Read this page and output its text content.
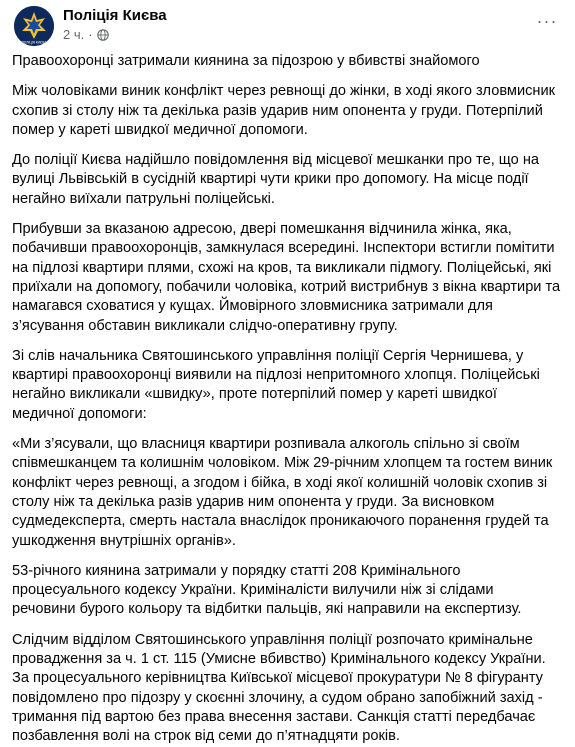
ПОЛІЦІЯ КИЄВА
Поліція Києва
2 ч. ·
···

Правоохоронці затримали киянина за підозрою у вбивстві знайомого

Між чоловіками виник конфлікт через ревнощі до жінки, в ході якого зловмисник схопив зі столу ніж та декілька разів ударив ним опонента у груди. Потерпілий помер у кареті швидкої медичної допомоги.

До поліції Києва надійшло повідомлення від місцевої мешканки про те, що на вулиці Львівській в сусідній квартирі чути крики про допомогу. На місце події негайно виїхали патрульні поліцейські.

Прибувши за вказаною адресою, двері помешкання відчинила жінка, яка, побачивши правоохоронців, замкнулася всередині. Інспектори встигли помітити на підлозі квартири плями, схожі на кров, та викликали підмогу. Поліцейські, які приїхали на допомогу, побачили чоловіка, котрий вистрибнув з вікна квартири та намагався сховатися у кущах. Ймовірного зловмисника затримали для з’ясування обставин викликали слідчо-оперативну групу.

Зі слів начальника Святошинського управління поліції Сергія Чернишева, у квартирі правоохоронці виявили на підлозі непритомного хлопця. Поліцейські негайно викликали «швидку», проте потерпілий помер у кареті швидкої медичної допомоги:

«Ми з’ясували, що власниця квартири розпивала алкоголь спільно зі своїм співмешканцем та колишнім чоловіком. Між 29-річним хлопцем та гостем виник конфлікт через ревнощі, а згодом і бійка, в ході якої колишній чоловік схопив зі столу ніж та декілька разів ударив ним опонента у груди. За висновком судмедексперта, смерть настала внаслідок проникаючого поранення грудей та ушкодження внутрішніх органів».

53-річного киянина затримали у порядку статті 208 Кримінального процесуального кодексу України. Криміналісти вилучили ніж зі слідами речовини бурого кольору та відбитки пальців, які направили на експертизу.

Слідчим відділом Святошинського управління поліції розпочато кримінальне провадження за ч. 1 ст. 115 (Умисне вбивство) Кримінального кодексу України. За процесуального керівництва Київської місцевої прокуратури № 8 фігуранту повідомлено про підозру у скоєнні злочину, а судом обрано запобіжний захід - тримання під вартою без права внесення застави. Санкція статті передбачає позбавлення волі на строк від семи до п’ятнадцяти років.
